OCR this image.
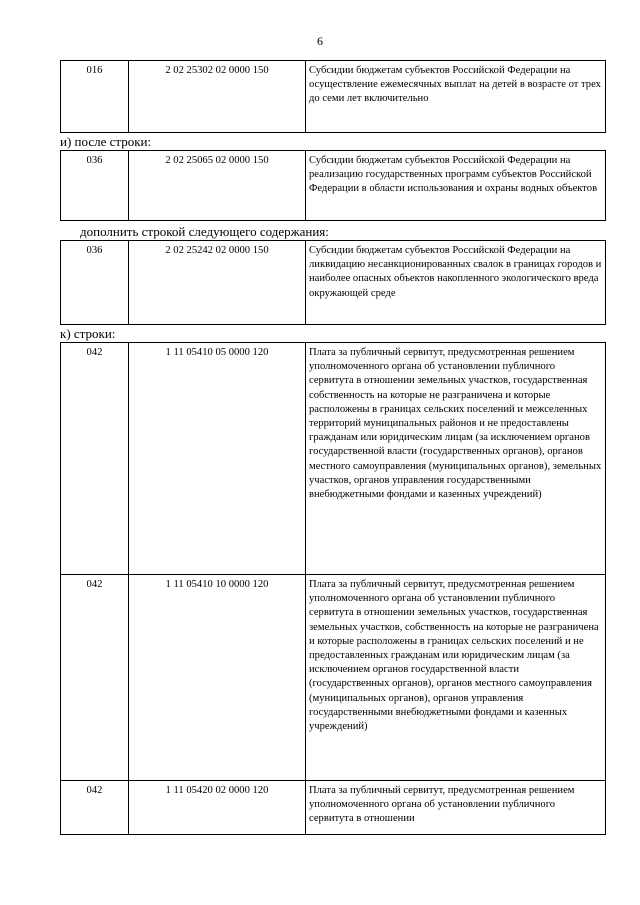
6
016	2 02 25302 02 0000 150	Субсидии бюджетам субъектов Российской Федерации на осуществление ежемесячных выплат на детей в возрасте от трех до семи лет включительно
и) после строки:
036	2 02 25065 02 0000 150	Субсидии бюджетам субъектов Российской Федерации на реализацию государственных программ субъектов Российской Федерации в области использования и охраны водных объектов
дополнить строкой следующего содержания:
036	2 02 25242 02 0000 150	Субсидии бюджетам субъектов Российской Федерации на ликвидацию несанкционированных свалок в границах городов и наиболее опасных объектов накопленного экологического вреда окружающей среде
к) строки:
042	1 11 05410 05 0000 120	Плата за публичный сервитут, предусмотренная решением уполномоченного органа об установлении публичного сервитута в отношении земельных участков, государственная собственность на которые не разграничена и которые расположены в границах сельских поселений и межселенных территорий муниципальных районов и не предоставлены гражданам или юридическим лицам (за исключением органов государственной власти (государственных органов), органов местного самоуправления (муниципальных органов), земельных участков, органов управления государственными внебюджетными фондами и казенных учреждений)
042	1 11 05410 10 0000 120	Плата за публичный сервитут, предусмотренная решением уполномоченного органа об установлении публичного сервитута в отношении земельных участков, государственная земельных участков, собственность на которые не разграничена и которые расположены в границах сельских поселений и не предоставленных гражданам или юридическим лицам (за исключением органов государственной власти (государственных органов), органов местного самоуправления (муниципальных органов), органов управления государственными внебюджетными фондами и казенных учреждений)
042	1 11 05420 02 0000 120	Плата за публичный сервитут, предусмотренная решением уполномоченного органа об установлении публичного сервитута в отношении
